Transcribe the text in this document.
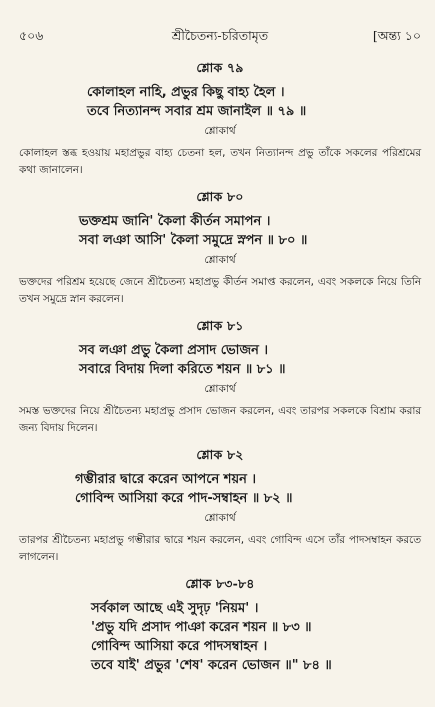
৫০৬	শ্রীচৈতন্য-চরিতামৃত	[অন্ত্য ১০
শ্লোক ৭৯
কোলাহল নাহি, প্রভুর কিছু বাহ্য হৈল ।
তবে নিত্যানন্দ সবার শ্রম জানাইল ॥ ৭৯ ॥
শ্লোকার্থ
কোলাহল স্তব্ধ হওয়ায় মহাপ্রভুর বাহ্য চেতনা হল, তখন নিত্যানন্দ প্রভু তাঁকে সকলের পরিশ্রমের কথা জানালেন।
শ্লোক ৮০
ভক্তশ্রম জানি' কৈলা কীর্তন সমাপন ।
সবা লঞা আসি' কৈলা সমুদ্রে স্নপন ॥ ৮০ ॥
শ্লোকার্থ
ভক্তদের পরিশ্রম হয়েছে জেনে শ্রীচৈতন্য মহাপ্রভু কীর্তন সমাপ্ত করলেন, এবং সকলকে নিয়ে তিনি তখন সমুদ্রে স্নান করলেন।
শ্লোক ৮১
সব লঞা প্রভু কৈলা প্রসাদ ভোজন ।
সবারে বিদায় দিলা করিতে শয়ন ॥ ৮১ ॥
শ্লোকার্থ
সমস্ত ভক্তদের নিয়ে শ্রীচৈতন্য মহাপ্রভু প্রসাদ ভোজন করলেন, এবং তারপর সকলকে বিশ্রাম করার জন্য বিদায় দিলেন।
শ্লোক ৮২
গম্ভীরার দ্বারে করেন আপনে শয়ন ।
গোবিন্দ আসিয়া করে পাদ-সম্বাহন ॥ ৮২ ॥
শ্লোকার্থ
তারপর শ্রীচৈতন্য মহাপ্রভু গম্ভীরার দ্বারে শয়ন করলেন, এবং গোবিন্দ এসে তাঁর পাদসম্বাহন করতে লাগলেন।
শ্লোক ৮৩-৮৪
সর্বকাল আছে এই সুদৃঢ় 'নিয়ম' ।
'প্রভু যদি প্রসাদ পাঞা করেন শয়ন ॥ ৮৩ ॥
গোবিন্দ আসিয়া করে পাদসম্বাহন ।
তবে যাই' প্রভুর 'শেষ' করেন ভোজন ॥" ৮৪ ॥
